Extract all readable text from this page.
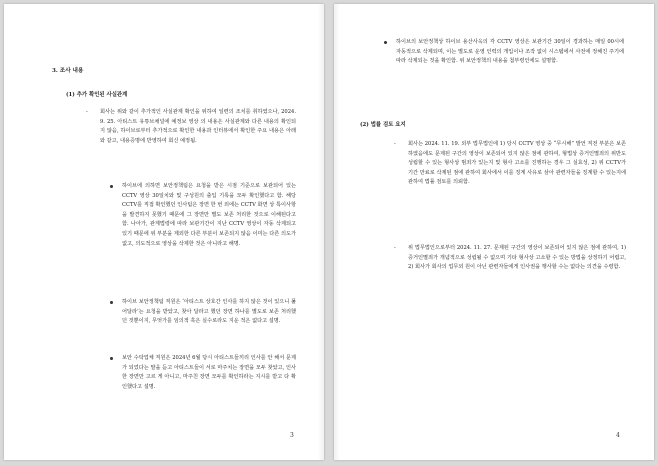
3. 조사 내용
(1) 추가 확인된 사실관계
- 회사는 위와 같이 추가적인 사실관계 확인을 위하여 일련의 조치를 취하였으나, 2024. 9. 25. 아티스트 유튜브채널에 예정보 영상 의 내용은 사실관계와 다른 내용의 확인되지 않음, 하이브로부터 추가적으로 확인한 내용과 인터뷰에서 확인한 주요 내용은 아래와 같고, 내용증명에 반영하여 회신 예정됨.

하이브에 의하면 보안정책팀은 요청을 받은 시점 기준으로 보관되어 있는 CCTV 영상 30일치와 및 구성원의 출입 기록을 모두 확인했다고 함. 해당 CCTV를 직접 확인했던 인사팀은 장면 한 번 외에는 CCTV 화면 상 특이사항을 발견하지 못했기 때문에 그 장면만 별도 보존 처리한 것으로 이해된다고 함. 나아가, 관계법령에 따라 보관기간이 지난 CCTV 영상이 자동 삭제되고 있기 때문에 위 부분을 제외한 다른 부분이 보존되지 않음 이미는 다른 의도가 없고, 의도적으로 영상을 삭제한 것은 아니라고 해명.

하이브 보안정책팀 직원은 ‘아티스트 상호간 인사를 하지 않은 것이 있으니 풀어달라’는 요청을 받았고, 찾아 달라고 했던 장면 하나를 별도로 보존 처리했던 것뿐이지, 무엇가를 임의적 혹은 실수로라도 지운 적은 없다고 설명.

보안 수탁업체 직원은 2024년 6월 당시 아티스트들끼리 인사를 안 해서 문제가 되었다는 말을 듣고 아티스트들이 서로 마주치는 장면을 모두 찾았고, 인사한 장면만 고르 게 아니고, 마주친 장면 모두를 확인하라는 지시를 받고 다 확인했다고 설명.

3

하이브의 보안정책상 하이브 용산사옥의 각 CCTV 영상은 보관기간 30일이 경과하는 매일 00시에 자동적으로 삭제되며, 이는 별도로 운영 인력의 개입이나 조작 없이 시스템에서 사전에 정해진 주기에 따라 삭제되는 것을 확인함. 위 보안정책의 내용을 첨부령인에도 설명함.

(2) 법률 검토 요지
- 회사는 2024. 11. 19. 외부 법무법인에 1) 당시 CCTV 영상 중 “무시해” 발언 직전 부분은 보존하였음에도 문제된 구간의 영상이 보존되어 있지 않은 점에 관하여, 형법상 증거인멸죄의 위반도 성립할 수 있는 형사상 범죄가 있는지 및 형사 고소를 진행하는 경우 그 실효성, 2) 위 CCTV가 기간 만료로 삭제된 점에 관하여 회사에서 이를 징계 사유로 삼아 관련자들을 징계할 수 있는지에 관하여 법률 검토를 의뢰함.

- 위 법무법인으로부터 2024. 11. 27. 문제된 구간의 영상이 보존되어 있지 않은 점에 관하여, 1) 증거인멸죄가 개념적으로 성립될 수 없으며 기타 형사상 고소할 수 있는 방법을 상정하기 어렵고, 2) 회사가 회사의 업무외 원이 아닌 관련자들에게 인사권을 행사할 수는 없다는 의견을 수령함.

4
